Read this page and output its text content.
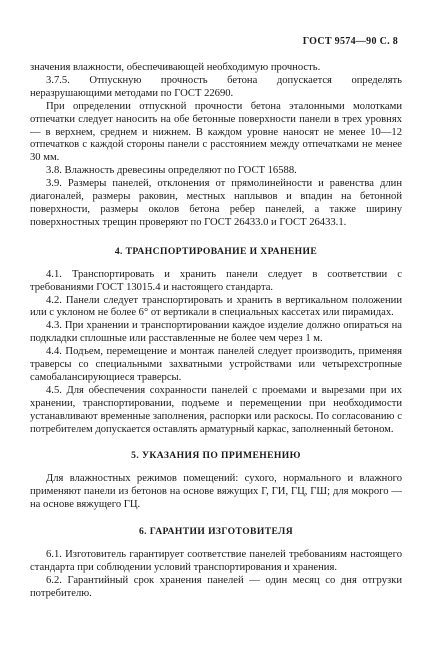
ГОСТ 9574—90 С. 8

значения влажности, обеспечивающей необходимую прочность.

3.7.5. Отпускную прочность бетона допускается определять неразрушающими методами по ГОСТ 22690.

При определении отпускной прочности бетона эталонными молотками отпечатки следует наносить на обе бетонные поверхности панели в трех уровнях — в верхнем, среднем и нижнем. В каждом уровне наносят не менее 10—12 отпечатков с каждой стороны панели с расстоянием между отпечатками не менее 30 мм.

3.8. Влажность древесины определяют по ГОСТ 16588.

3.9. Размеры панелей, отклонения от прямолинейности и равенства длин диагоналей, размеры раковин, местных наплывов и впадин на бетонной поверхности, размеры околов бетона ребер панелей, а также ширину поверхностных трещин проверяют по ГОСТ 26433.0 и ГОСТ 26433.1.

4. ТРАНСПОРТИРОВАНИЕ И ХРАНЕНИЕ

4.1. Транспортировать и хранить панели следует в соответствии с требованиями ГОСТ 13015.4 и настоящего стандарта.

4.2. Панели следует транспортировать и хранить в вертикальном положении или с уклоном не более 6° от вертикали в специальных кассетах или пирамидах.

4.3. При хранении и транспортировании каждое изделие должно опираться на подкладки сплошные или расставленные не более чем через 1 м.

4.4. Подъем, перемещение и монтаж панелей следует производить, применяя траверсы со специальными захватными устройствами или четырехстропные самобалансирующиеся траверсы.

4.5. Для обеспечения сохранности панелей с проемами и вырезами при их хранении, транспортировании, подъеме и перемещении при необходимости устанавливают временные заполнения, распорки или раскосы. По согласованию с потребителем допускается оставлять арматурный каркас, заполненный бетоном.

5. УКАЗАНИЯ ПО ПРИМЕНЕНИЮ

Для влажностных режимов помещений: сухого, нормального и влажного применяют панели из бетонов на основе вяжущих Г, ГИ, ГЦ, ГШ; для мокрого — на основе вяжущего ГЦ.

6. ГАРАНТИИ ИЗГОТОВИТЕЛЯ

6.1. Изготовитель гарантирует соответствие панелей требованиям настоящего стандарта при соблюдении условий транспортирования и хранения.

6.2. Гарантийный срок хранения панелей — один месяц со дня отгрузки потребителю.
